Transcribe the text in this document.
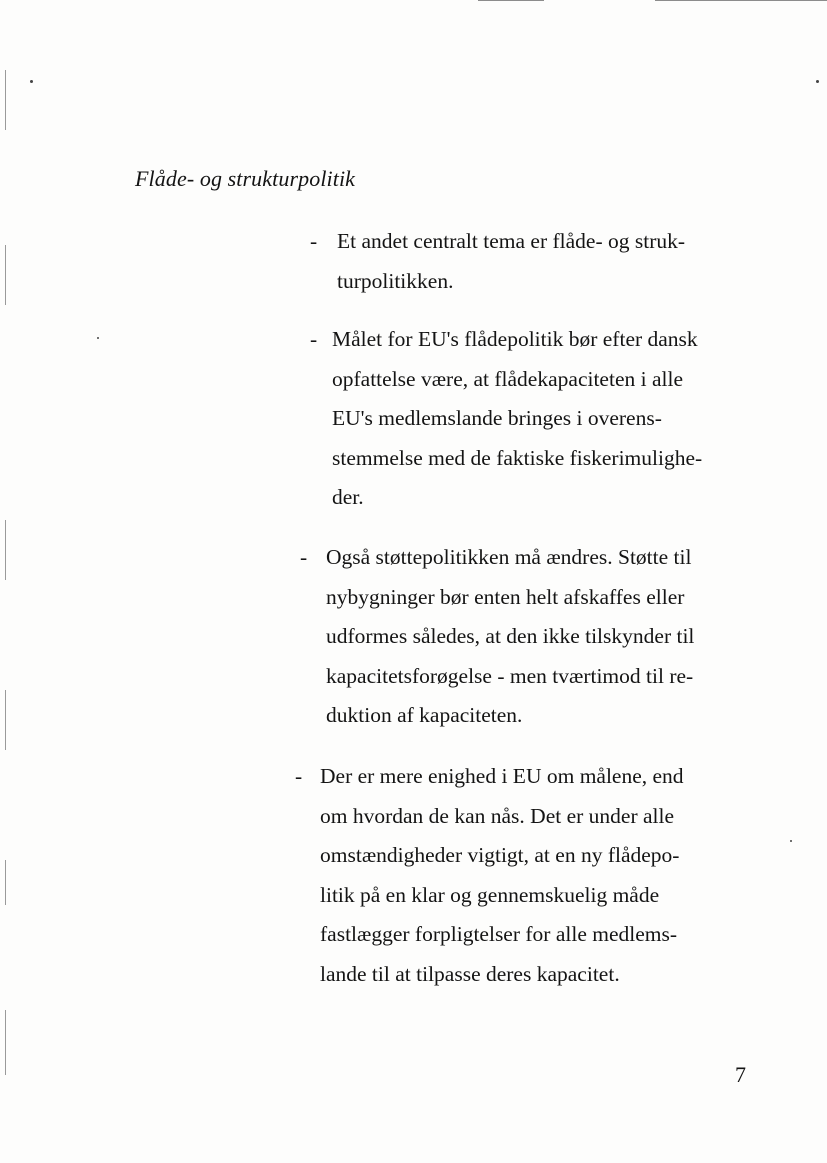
Flåde- og strukturpolitik
- Et andet centralt tema er flåde- og struk-
turpolitikken.
- Målet for EU's flådepolitik bør efter dansk
opfattelse være, at flådekapaciteten i alle
EU's medlemslande bringes i overens-
stemmelse med de faktiske fiskerimulighe-
der.
- Også støttepolitikken må ændres. Støtte til
nybygninger bør enten helt afskaffes eller
udformes således, at den ikke tilskynder til
kapacitetsforøgelse - men tværtimod til re-
duktion af kapaciteten.
- Der er mere enighed i EU om målene, end
om hvordan de kan nås. Det er under alle
omstændigheder vigtigt, at en ny flådepo-
litik på en klar og gennemskuelig måde
fastlægger forpligtelser for alle medlems-
lande til at tilpasse deres kapacitet.
7
